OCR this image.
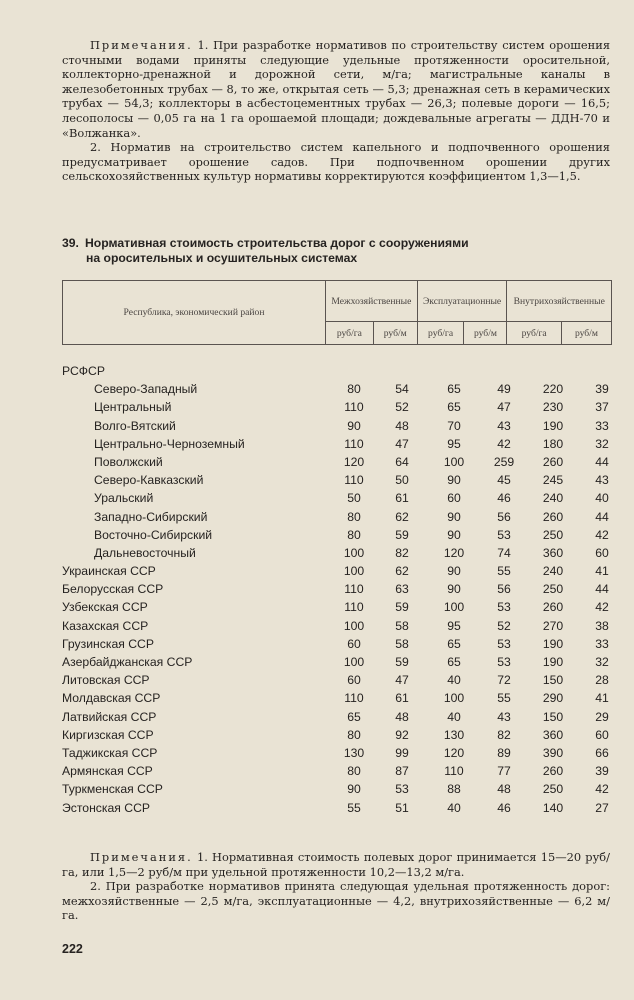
Примечания. 1. При разработке нормативов по строительству систем орошения сточными водами приняты следующие удельные протяженности оросительной, коллекторно-дренажной и дорожной сети, м/га; магистральные каналы в железобетонных трубах — 8, то же, открытая сеть — 5,3; дренажная сеть в керамических трубах — 54,3; коллекторы в асбестоцементных трубах — 26,3; полевые дороги — 16,5; лесополосы — 0,05 га на 1 га орошаемой площади; дождевальные агрегаты — ДДН-70 и «Волжанка».

2. Норматив на строительство систем капельного и подпочвенного орошения предусматривает орошение садов. При подпочвенном орошении других сельскохозяйственных культур нормативы корректируются коэффициентом 1,3—1,5.

39. Нормативная стоимость строительства дорог с сооружениями
на оросительных и осушительных системах
Республика, экономический район	Межхозяйственные		Эксплуатационные		Внутрихозяйственные	
	руб/га	руб/м	руб/га	руб/м	руб/га	руб/м
РСФСР
Северо-Западный	80	54	65	49	220	39
Центральный	110	52	65	47	230	37
Волго-Вятский	90	48	70	43	190	33
Центрально-Черноземный	110	47	95	42	180	32
Поволжский	120	64	100	259	260	44
Северо-Кавказский	110	50	90	45	245	43
Уральский	50	61	60	46	240	40
Западно-Сибирский	80	62	90	56	260	44
Восточно-Сибирский	80	59	90	53	250	42
Дальневосточный	100	82	120	74	360	60
Украинская ССР	100	62	90	55	240	41
Белорусская ССР	110	63	90	56	250	44
Узбекская ССР	110	59	100	53	260	42
Казахская ССР	100	58	95	52	270	38
Грузинская ССР	60	58	65	53	190	33
Азербайджанская ССР	100	59	65	53	190	32
Литовская ССР	60	47	40	72	150	28
Молдавская ССР	110	61	100	55	290	41
Латвийская ССР	65	48	40	43	150	29
Киргизская ССР	80	92	130	82	360	60
Таджикская ССР	130	99	120	89	390	66
Армянская ССР	80	87	110	77	260	39
Туркменская ССР	90	53	88	48	250	42
Эстонская ССР	55	51	40	46	140	27

Примечания. 1. Нормативная стоимость полевых дорог принимается 15—20 руб/га, или 1,5—2 руб/м при удельной протяженности 10,2—13,2 м/га.

2. При разработке нормативов принята следующая удельная протяженность дорог: межхозяйственные — 2,5 м/га, эксплуатационные — 4,2, внутрихозяйственные — 6,2 м/га.

222
